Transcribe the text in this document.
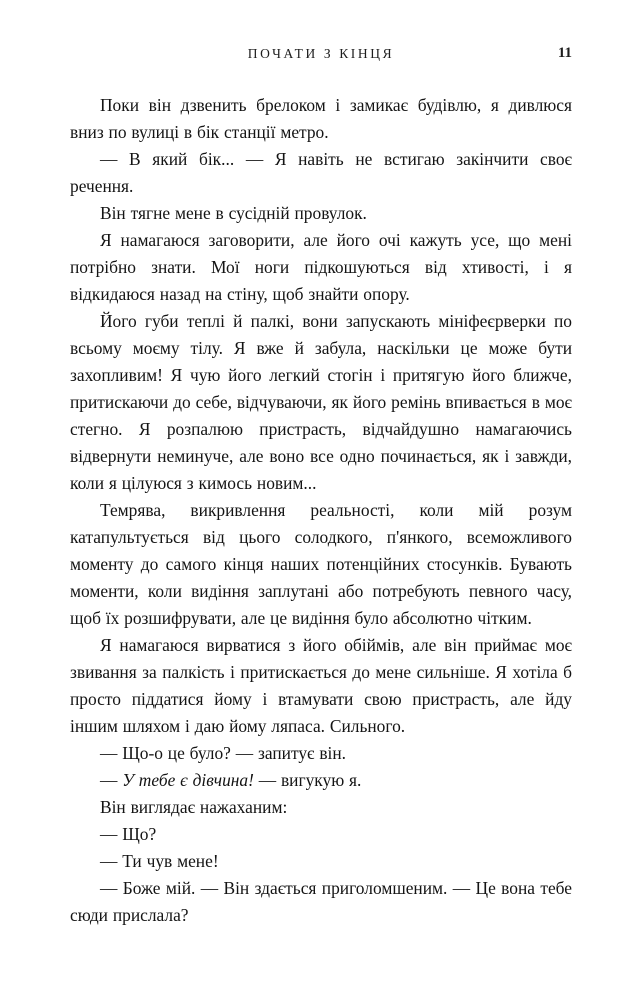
ПОЧАТИ З КІНЦЯ	11

Поки він дзвенить брелоком і замикає будівлю, я дивлюся вниз по вулиці в бік станції метро.

— В який бік... — Я навіть не встигаю закінчити своє речення.

Він тягне мене в сусідній провулок.

Я намагаюся заговорити, але його очі кажуть усе, що мені потрібно знати. Мої ноги підкошуються від хтивості, і я відкидаюся назад на стіну, щоб знайти опору.

Його губи теплі й палкі, вони запускають мініфеєрверки по всьому моєму тілу. Я вже й забула, наскільки це може бути захопливим! Я чую його легкий стогін і притягую його ближче, притискаючи до себе, відчуваючи, як його ремінь впивається в моє стегно. Я розпалюю пристрасть, відчайдушно намагаючись відвернути неминуче, але воно все одно починається, як і завжди, коли я цілуюся з кимось новим...

Темрява, викривлення реальності, коли мій розум катапультується від цього солодкого, п'янкого, всеможливого моменту до самого кінця наших потенційних стосунків. Бувають моменти, коли видіння заплутані або потребують певного часу, щоб їх розшифрувати, але це видіння було абсолютно чітким.

Я намагаюся вирватися з його обіймів, але він приймає моє звивання за палкість і притискається до мене сильніше. Я хотіла б просто піддатися йому і втамувати свою пристрасть, але йду іншим шляхом і даю йому ляпаса. Сильного.

— Що-о це було? — запитує він.

— У тебе є дівчина! — вигукую я.

Він виглядає нажаханим:

— Що?

— Ти чув мене!

— Боже мій. — Він здається приголомшеним. — Це вона тебе сюди прислала?
